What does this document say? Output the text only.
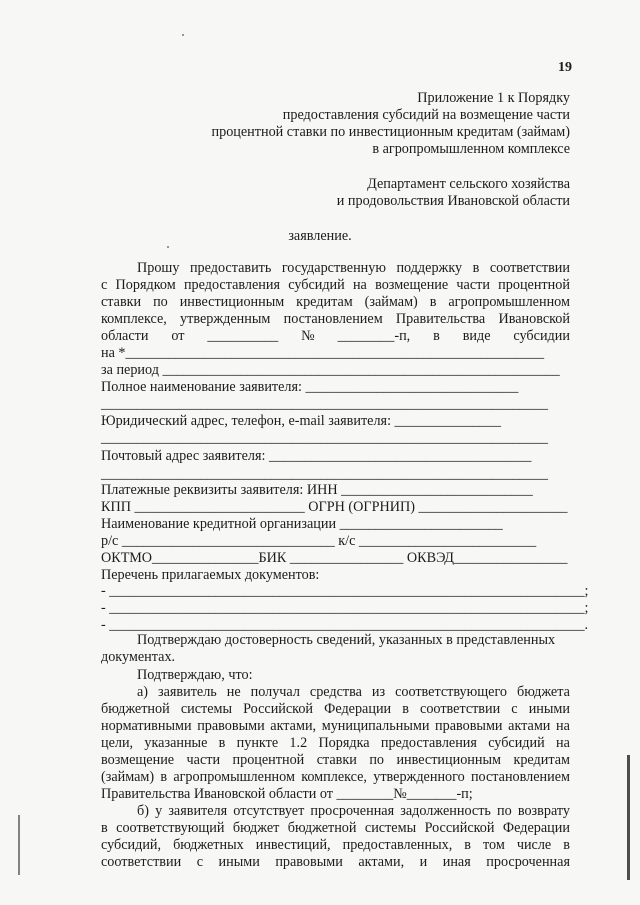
19
Приложение 1 к Порядку
предоставления субсидий на возмещение части
процентной ставки по инвестиционным кредитам (займам)
в агропромышленном комплексе
Департамент сельского хозяйства
и продовольствия Ивановской области
заявление.
Прошу предоставить государственную поддержку в соответствии
с Порядком предоставления субсидий на возмещение части процентной
ставки по инвестиционным кредитам (займам) в агропромышленном
комплексе, утвержденным постановлением Правительства Ивановской
области от __________ № ________-п, в виде субсидии
на *___________________________________________________________
за период ________________________________________________________
Полное наименование заявителя: ______________________________
_______________________________________________________________
Юридический адрес, телефон, e-mail заявителя: _______________
_______________________________________________________________
Почтовый адрес заявителя: _____________________________________
_______________________________________________________________
Платежные реквизиты заявителя: ИНН ___________________________
КПП ________________________ ОГРН (ОГРНИП) _____________________
Наименование кредитной организации _______________________
р/с ______________________________ к/с _________________________
ОКТМО_______________БИК ________________ ОКВЭД________________
Перечень прилагаемых документов:
- ___________________________________________________________________;
- ___________________________________________________________________;
- ___________________________________________________________________.
Подтверждаю достоверность сведений, указанных в представленных
документах.
Подтверждаю, что:
а) заявитель не получал средства из соответствующего бюджета
бюджетной системы Российской Федерации в соответствии с иными
нормативными правовыми актами, муниципальными правовыми актами на
цели, указанные в пункте 1.2 Порядка предоставления субсидий на
возмещение части процентной ставки по инвестиционным кредитам
(займам) в агропромышленном комплексе, утвержденного постановлением
Правительства Ивановской области от ________№_______-п;
б) у заявителя отсутствует просроченная задолженность по возврату
в соответствующий бюджет бюджетной системы Российской Федерации
субсидий, бюджетных инвестиций, предоставленных, в том числе в
соответствии с иными правовыми актами, и иная просроченная
